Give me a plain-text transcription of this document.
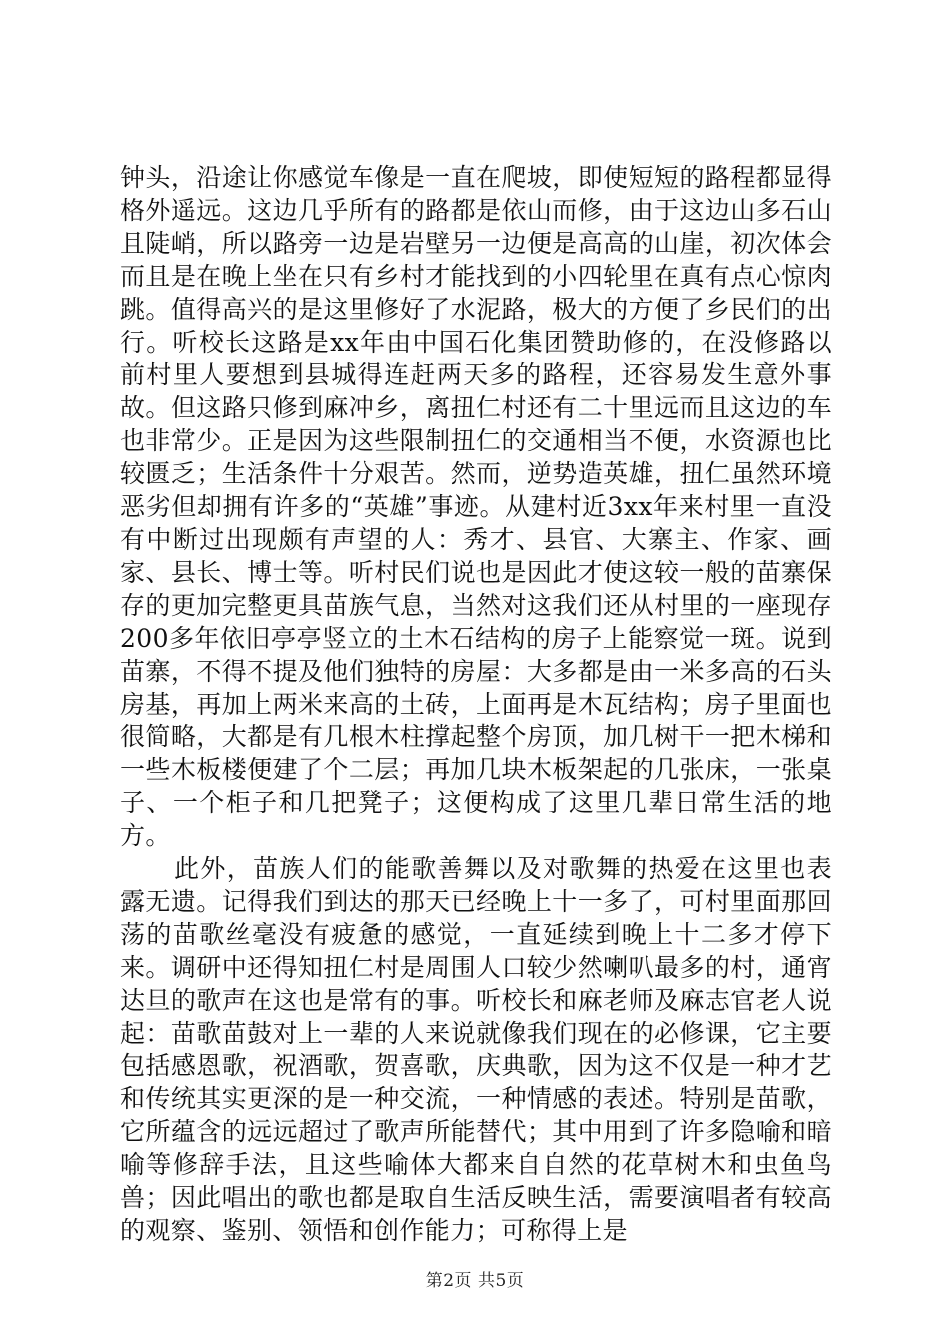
钟头，沿途让你感觉车像是一直在爬坡，即使短短的路程都显得格外遥远。这边几乎所有的路都是依山而修，由于这边山多石山且陡峭，所以路旁一边是岩壁另一边便是高高的山崖，初次体会而且是在晚上坐在只有乡村才能找到的小四轮里在真有点心惊肉跳。值得高兴的是这里修好了水泥路，极大的方便了乡民们的出行。听校长这路是xx年由中国石化集团赞助修的，在没修路以前村里人要想到县城得连赶两天多的路程，还容易发生意外事故。但这路只修到麻冲乡，离扭仁村还有二十里远而且这边的车也非常少。正是因为这些限制扭仁的交通相当不便，水资源也比较匮乏；生活条件十分艰苦。然而，逆势造英雄，扭仁虽然环境恶劣但却拥有许多的“英雄”事迹。从建村近3xx年来村里一直没有中断过出现颇有声望的人：秀才、县官、大寨主、作家、画家、县长、博士等。听村民们说也是因此才使这较一般的苗寨保存的更加完整更具苗族气息，当然对这我们还从村里的一座现存200多年依旧亭亭竖立的土木石结构的房子上能察觉一斑。说到苗寨，不得不提及他们独特的房屋：大多都是由一米多高的石头房基，再加上两米来高的土砖，上面再是木瓦结构；房子里面也很简略，大都是有几根木柱撑起整个房顶，加几树干一把木梯和一些木板楼便建了个二层；再加几块木板架起的几张床，一张桌子、一个柜子和几把凳子；这便构成了这里几辈日常生活的地方。

此外，苗族人们的能歌善舞以及对歌舞的热爱在这里也表露无遗。记得我们到达的那天已经晚上十一多了，可村里面那回荡的苗歌丝毫没有疲惫的感觉，一直延续到晚上十二多才停下来。调研中还得知扭仁村是周围人口较少然喇叭最多的村，通宵达旦的歌声在这也是常有的事。听校长和麻老师及麻志官老人说起：苗歌苗鼓对上一辈的人来说就像我们现在的必修课，它主要包括感恩歌，祝酒歌，贺喜歌，庆典歌，因为这不仅是一种才艺和传统其实更深的是一种交流，一种情感的表述。特别是苗歌，它所蕴含的远远超过了歌声所能替代；其中用到了许多隐喻和暗喻等修辞手法，且这些喻体大都来自自然的花草树木和虫鱼鸟兽；因此唱出的歌也都是取自生活反映生活，需要演唱者有较高的观察、鉴别、领悟和创作能力；可称得上是

第2页 共5页
